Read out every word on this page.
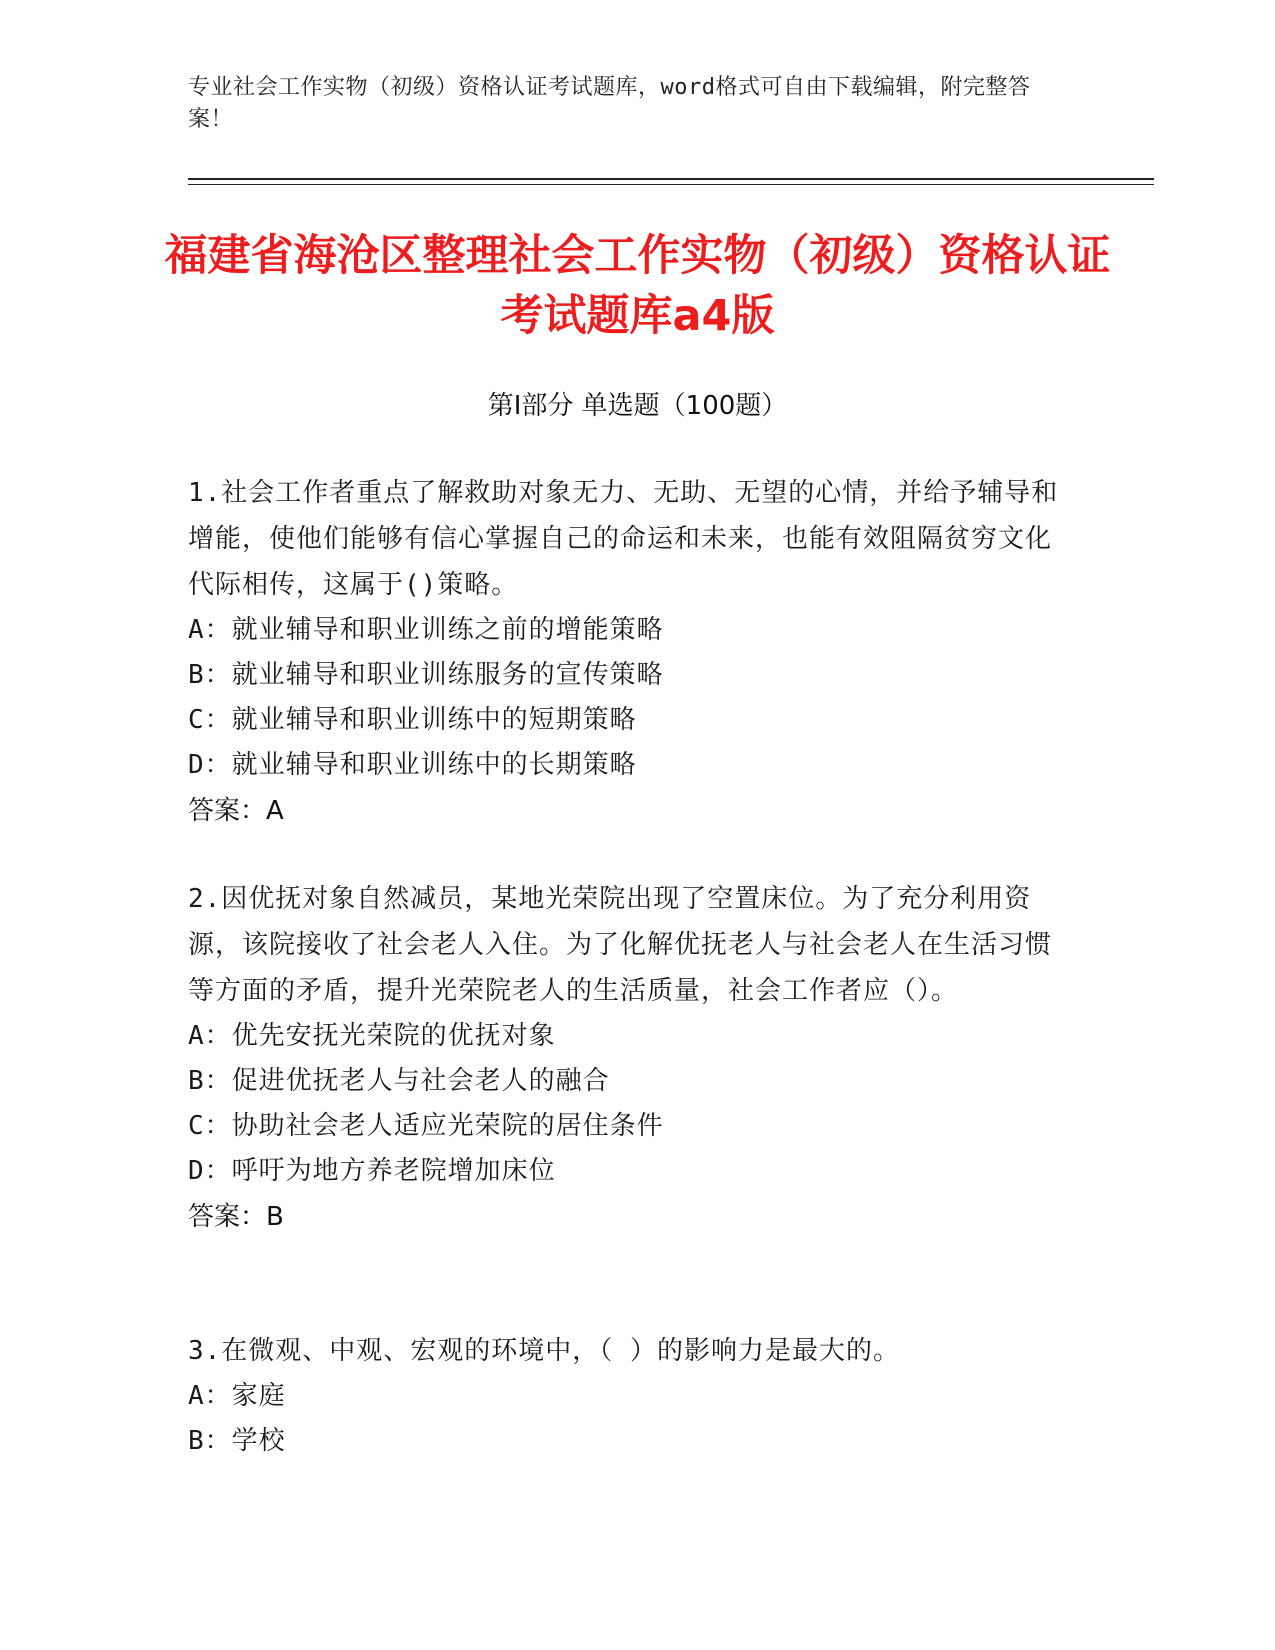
专业社会工作实物（初级）资格认证考试题库，word格式可自由下载编辑，附完整答案！
福建省海沧区整理社会工作实物（初级）资格认证考试题库a4版
第Ⅰ部分 单选题（100题）
1.社会工作者重点了解救助对象无力、无助、无望的心情，并给予辅导和增能，使他们能够有信心掌握自己的命运和未来，也能有效阻隔贫穷文化代际相传，这属于()策略。
A：就业辅导和职业训练之前的增能策略
B：就业辅导和职业训练服务的宣传策略
C：就业辅导和职业训练中的短期策略
D：就业辅导和职业训练中的长期策略
答案：A
2.因优抚对象自然减员，某地光荣院出现了空置床位。为了充分利用资源，该院接收了社会老人入住。为了化解优抚老人与社会老人在生活习惯等方面的矛盾，提升光荣院老人的生活质量，社会工作者应（）。
A：优先安抚光荣院的优抚对象
B：促进优抚老人与社会老人的融合
C：协助社会老人适应光荣院的居住条件
D：呼吁为地方养老院增加床位
答案：B
3.在微观、中观、宏观的环境中，（ ）的影响力是最大的。
A：家庭
B：学校
